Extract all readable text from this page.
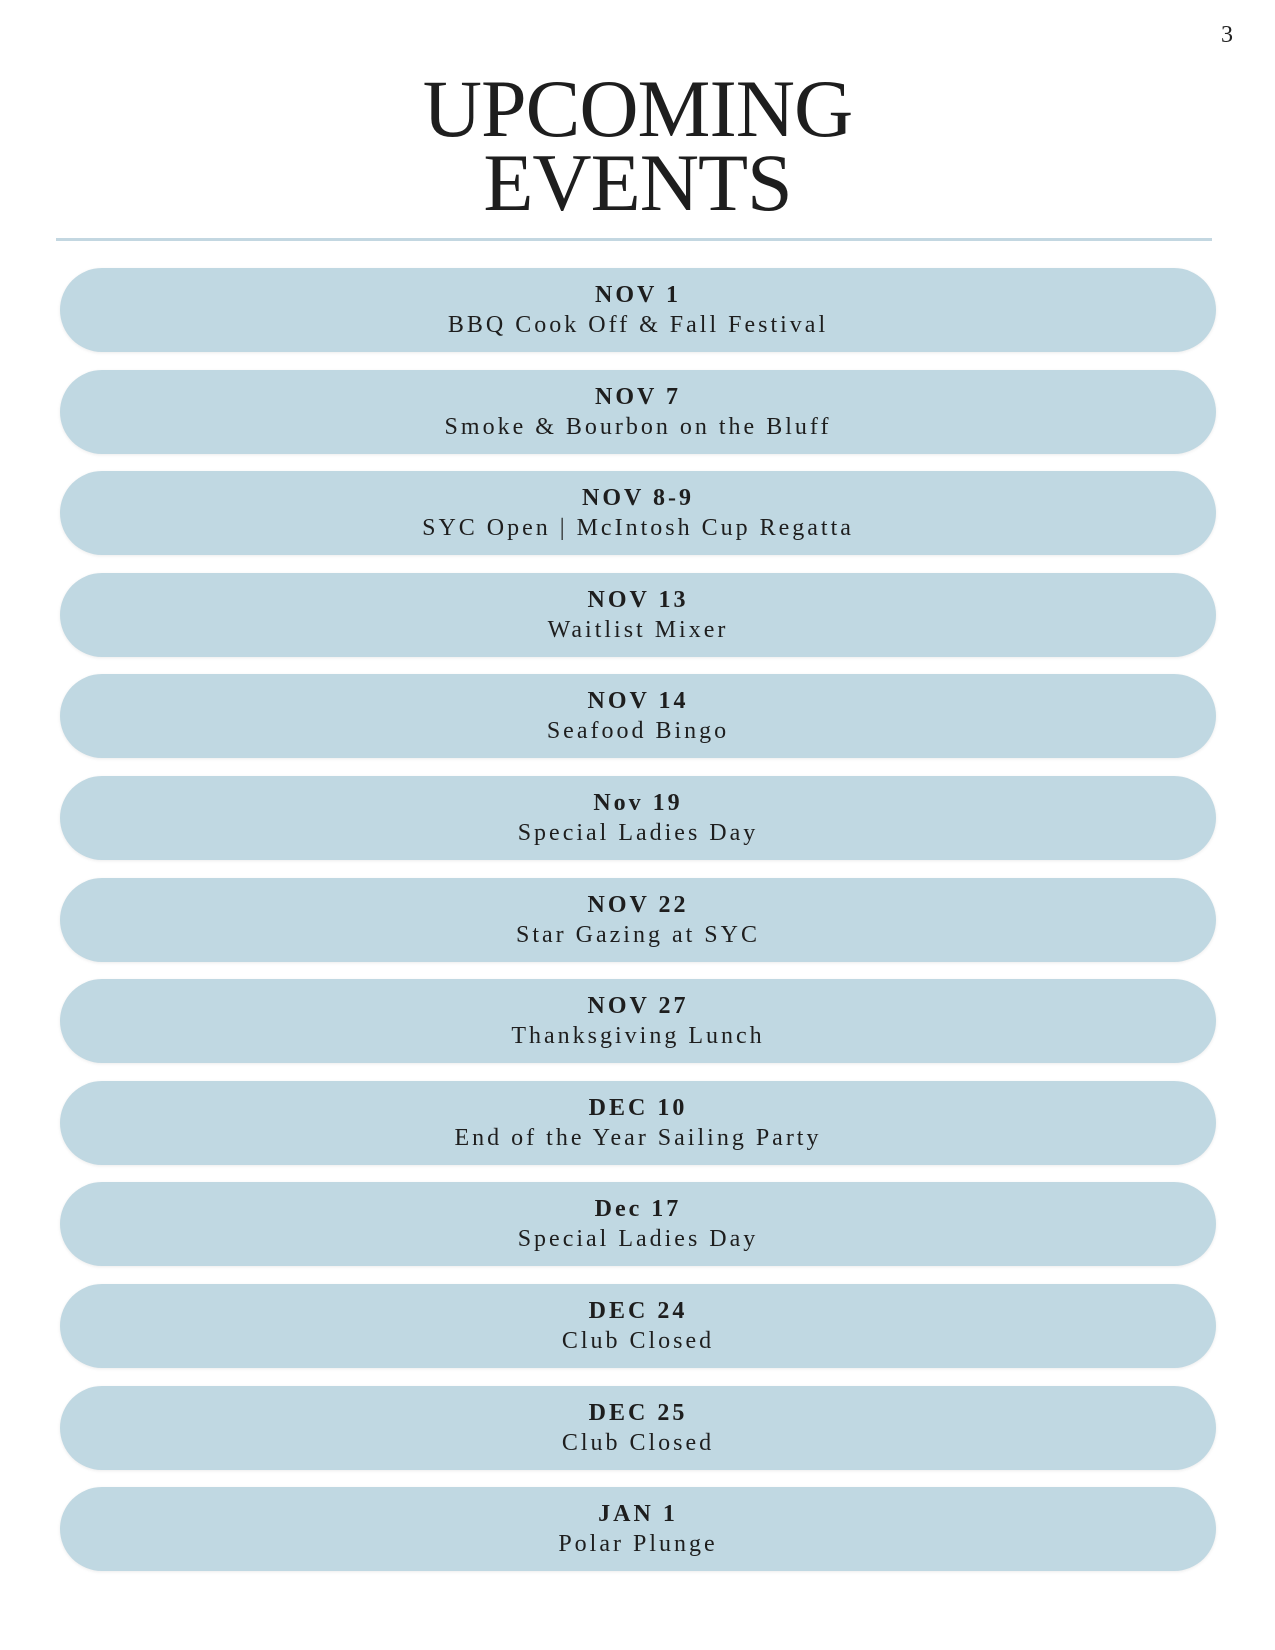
3
UPCOMING
EVENTS
NOV 1
BBQ Cook Off & Fall Festival
NOV 7
Smoke & Bourbon on the Bluff
NOV 8-9
SYC Open | McIntosh Cup Regatta
NOV 13
Waitlist Mixer
NOV 14
Seafood Bingo
Nov 19
Special Ladies Day
NOV 22
Star Gazing at SYC
NOV 27
Thanksgiving Lunch
DEC 10
End of the Year Sailing Party
Dec 17
Special Ladies Day
DEC 24
Club Closed
DEC 25
Club Closed
JAN 1
Polar Plunge
